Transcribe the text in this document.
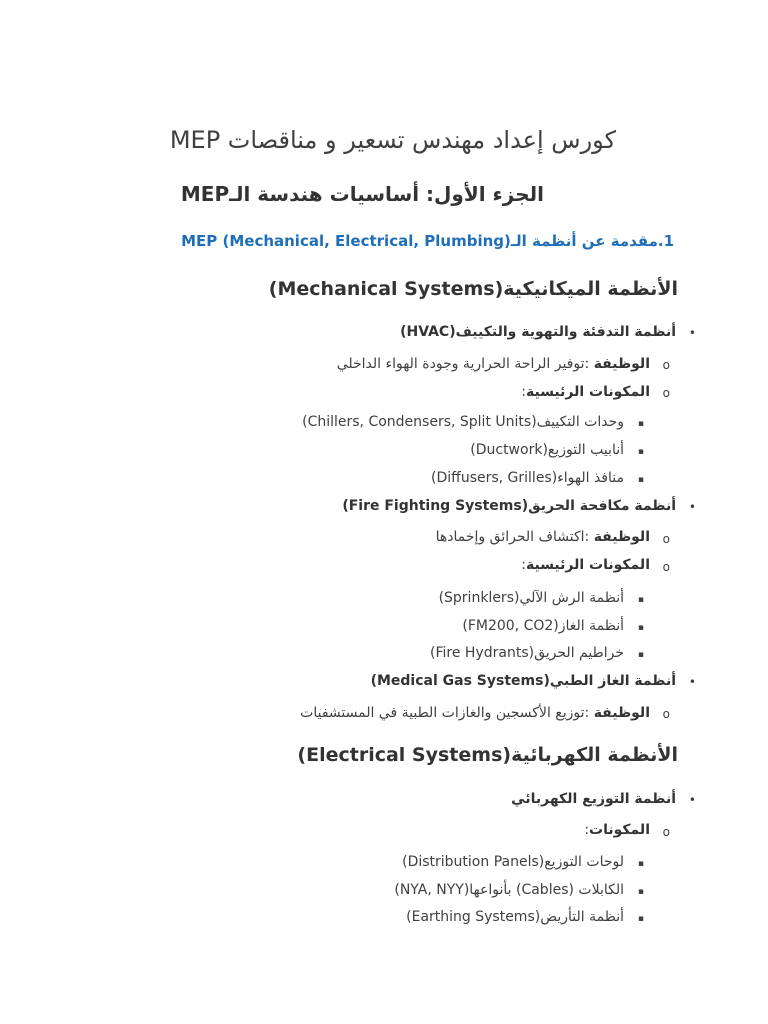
كورس إعداد مهندس تسعير و مناقصات MEP
الجزء الأول: أساسيات هندسة الـMEP
1.مقدمة عن أنظمة الـ(MEP (Mechanical, Electrical, Plumbing
الأنظمة الميكانيكية(Mechanical Systems)
•
أنظمة التدفئة والتهوية والتكييف(HVAC)
o
الوظيفة :توفير الراحة الحرارية وجودة الهواء الداخلي
o
المكونات الرئيسية:
▪
وحدات التكييف(Chillers, Condensers, Split Units)
▪
أنابيب التوزيع(Ductwork)
▪
منافذ الهواء(Diffusers, Grilles)
•
أنظمة مكافحة الحريق(Fire Fighting Systems)
o
الوظيفة :اكتشاف الحرائق وإخمادها
o
المكونات الرئيسية:
▪
أنظمة الرش الآلي(Sprinklers)
▪
أنظمة الغاز(FM200, CO2)
▪
خراطيم الحريق(Fire Hydrants)
•
أنظمة الغاز الطبي(Medical Gas Systems)
o
الوظيفة :توزيع الأكسجين والغازات الطبية في المستشفيات
الأنظمة الكهربائية(Electrical Systems)
•
أنظمة التوزيع الكهربائي
o
المكونات:
▪
لوحات التوزيع(Distribution Panels)
▪
الكابلات (Cables) بأنواعها(NYA, NYY)
▪
أنظمة التأريض(Earthing Systems)
